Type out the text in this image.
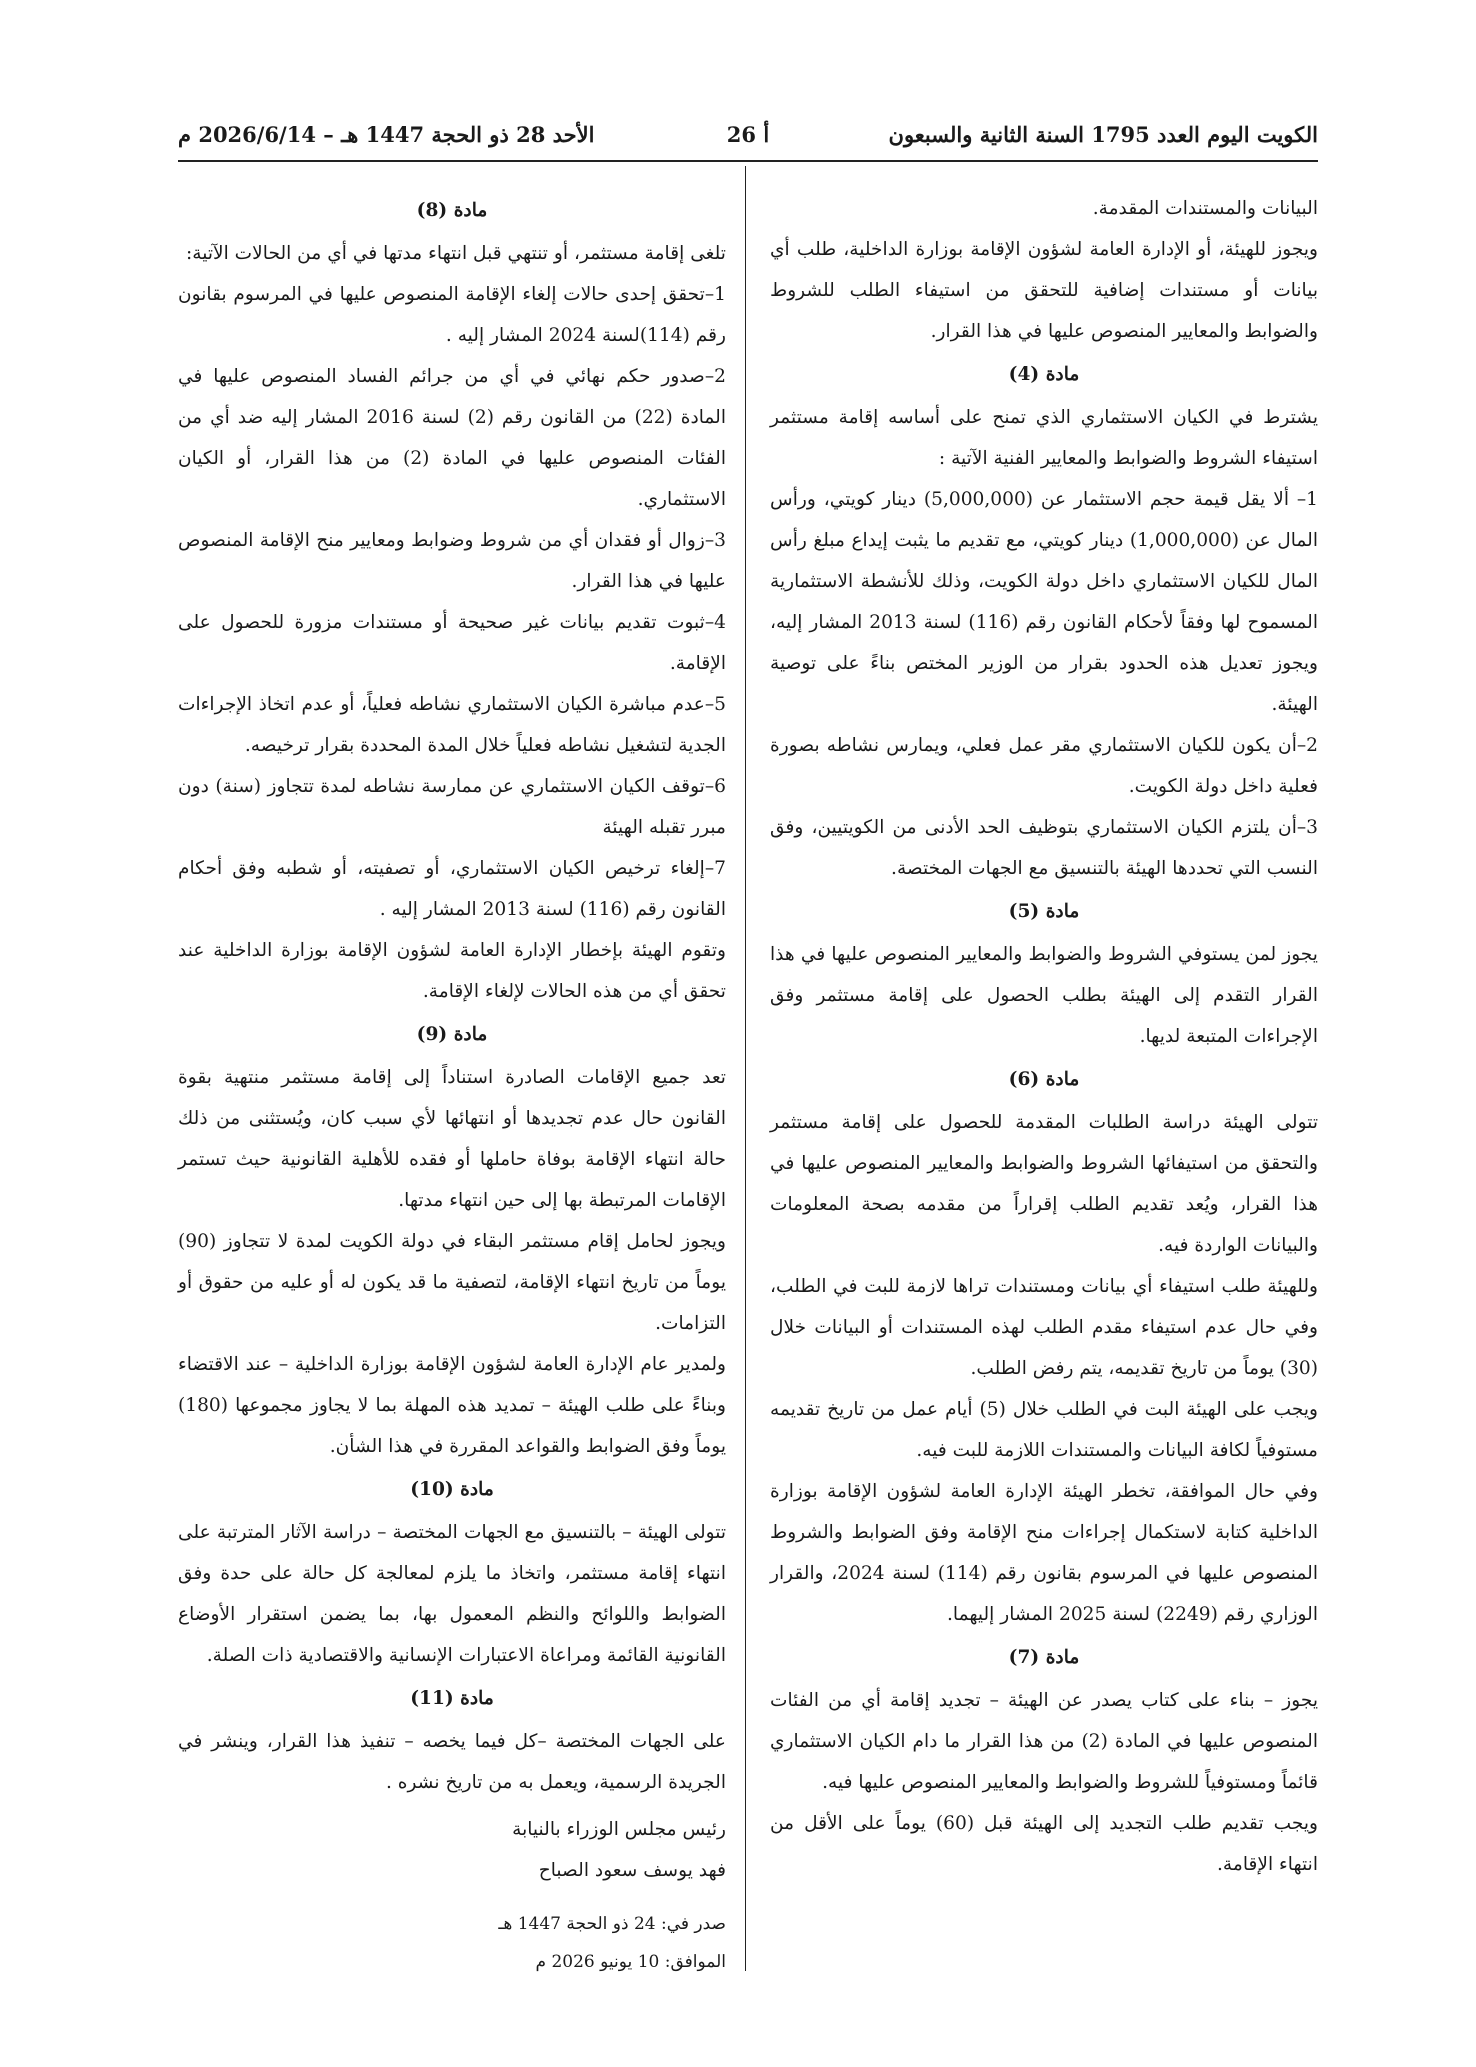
الكويت اليوم العدد 1795 السنة الثانية والسبعون
أ 26
الأحد 28 ذو الحجة 1447 هـ – 2026/6/14 م

البيانات والمستندات المقدمة.

ويجوز للهيئة، أو الإدارة العامة لشؤون الإقامة بوزارة الداخلية، طلب أي بيانات أو مستندات إضافية للتحقق من استيفاء الطلب للشروط والضوابط والمعايير المنصوص عليها في هذا القرار.

مادة (4)

يشترط في الكيان الاستثماري الذي تمنح على أساسه إقامة مستثمر استيفاء الشروط والضوابط والمعايير الفنية الآتية :

1– ألا يقل قيمة حجم الاستثمار عن (5,000,000) دينار كويتي، ورأس المال عن (1,000,000) دينار كويتي، مع تقديم ما يثبت إيداع مبلغ رأس المال للكيان الاستثماري داخل دولة الكويت، وذلك للأنشطة الاستثمارية المسموح لها وفقاً لأحكام القانون رقم (116) لسنة 2013 المشار إليه، ويجوز تعديل هذه الحدود بقرار من الوزير المختص بناءً على توصية الهيئة.

2–أن يكون للكيان الاستثماري مقر عمل فعلي، ويمارس نشاطه بصورة فعلية داخل دولة الكويت.

3–أن يلتزم الكيان الاستثماري بتوظيف الحد الأدنى من الكويتيين، وفق النسب التي تحددها الهيئة بالتنسيق مع الجهات المختصة.

مادة (5)

يجوز لمن يستوفي الشروط والضوابط والمعايير المنصوص عليها في هذا القرار التقدم إلى الهيئة بطلب الحصول على إقامة مستثمر وفق الإجراءات المتبعة لديها.

مادة (6)

تتولى الهيئة دراسة الطلبات المقدمة للحصول على إقامة مستثمر والتحقق من استيفائها الشروط والضوابط والمعايير المنصوص عليها في هذا القرار، ويُعد تقديم الطلب إقراراً من مقدمه بصحة المعلومات والبيانات الواردة فيه.

وللهيئة طلب استيفاء أي بيانات ومستندات تراها لازمة للبت في الطلب، وفي حال عدم استيفاء مقدم الطلب لهذه المستندات أو البيانات خلال (30) يوماً من تاريخ تقديمه، يتم رفض الطلب.

ويجب على الهيئة البت في الطلب خلال (5) أيام عمل من تاريخ تقديمه مستوفياً لكافة البيانات والمستندات اللازمة للبت فيه.

وفي حال الموافقة، تخطر الهيئة الإدارة العامة لشؤون الإقامة بوزارة الداخلية كتابة لاستكمال إجراءات منح الإقامة وفق الضوابط والشروط المنصوص عليها في المرسوم بقانون رقم (114) لسنة 2024، والقرار الوزاري رقم (2249) لسنة 2025 المشار إليهما.

مادة (7)

يجوز – بناء على كتاب يصدر عن الهيئة – تجديد إقامة أي من الفئات المنصوص عليها في المادة (2) من هذا القرار ما دام الكيان الاستثماري قائماً ومستوفياً للشروط والضوابط والمعايير المنصوص عليها فيه.

ويجب تقديم طلب التجديد إلى الهيئة قبل (60) يوماً على الأقل من انتهاء الإقامة.

مادة (8)

تلغى إقامة مستثمر، أو تنتهي قبل انتهاء مدتها في أي من الحالات الآتية:

1–تحقق إحدى حالات إلغاء الإقامة المنصوص عليها في المرسوم بقانون رقم (114)لسنة 2024 المشار إليه .

2–صدور حكم نهائي في أي من جرائم الفساد المنصوص عليها في المادة (22) من القانون رقم (2) لسنة 2016 المشار إليه ضد أي من الفئات المنصوص عليها في المادة (2) من هذا القرار، أو الكيان الاستثماري.

3–زوال أو فقدان أي من شروط وضوابط ومعايير منح الإقامة المنصوص عليها في هذا القرار.

4–ثبوت تقديم بيانات غير صحيحة أو مستندات مزورة للحصول على الإقامة.

5–عدم مباشرة الكيان الاستثماري نشاطه فعلياً، أو عدم اتخاذ الإجراءات الجدية لتشغيل نشاطه فعلياً خلال المدة المحددة بقرار ترخيصه.

6–توقف الكيان الاستثماري عن ممارسة نشاطه لمدة تتجاوز (سنة) دون مبرر تقبله الهيئة

7–إلغاء ترخيص الكيان الاستثماري، أو تصفيته، أو شطبه وفق أحكام القانون رقم (116) لسنة 2013 المشار إليه .

وتقوم الهيئة بإخطار الإدارة العامة لشؤون الإقامة بوزارة الداخلية عند تحقق أي من هذه الحالات لإلغاء الإقامة.

مادة (9)

تعد جميع الإقامات الصادرة استناداً إلى إقامة مستثمر منتهية بقوة القانون حال عدم تجديدها أو انتهائها لأي سبب كان، ويُستثنى من ذلك حالة انتهاء الإقامة بوفاة حاملها أو فقده للأهلية القانونية حيث تستمر الإقامات المرتبطة بها إلى حين انتهاء مدتها.

ويجوز لحامل إقام مستثمر البقاء في دولة الكويت لمدة لا تتجاوز (90) يوماً من تاريخ انتهاء الإقامة، لتصفية ما قد يكون له أو عليه من حقوق أو التزامات.

ولمدير عام الإدارة العامة لشؤون الإقامة بوزارة الداخلية – عند الاقتضاء وبناءً على طلب الهيئة – تمديد هذه المهلة بما لا يجاوز مجموعها (180) يوماً وفق الضوابط والقواعد المقررة في هذا الشأن.

مادة (10)

تتولى الهيئة – بالتنسيق مع الجهات المختصة – دراسة الآثار المترتبة على انتهاء إقامة مستثمر، واتخاذ ما يلزم لمعالجة كل حالة على حدة وفق الضوابط واللوائح والنظم المعمول بها، بما يضمن استقرار الأوضاع القانونية القائمة ومراعاة الاعتبارات الإنسانية والاقتصادية ذات الصلة.

مادة (11)

على الجهات المختصة –كل فيما يخصه – تنفيذ هذا القرار، وينشر في الجريدة الرسمية، ويعمل به من تاريخ نشره .

رئيس مجلس الوزراء بالنيابة

فهد يوسف سعود الصباح

صدر في: 24 ذو الحجة 1447 هـ

الموافق: 10 يونيو 2026 م
